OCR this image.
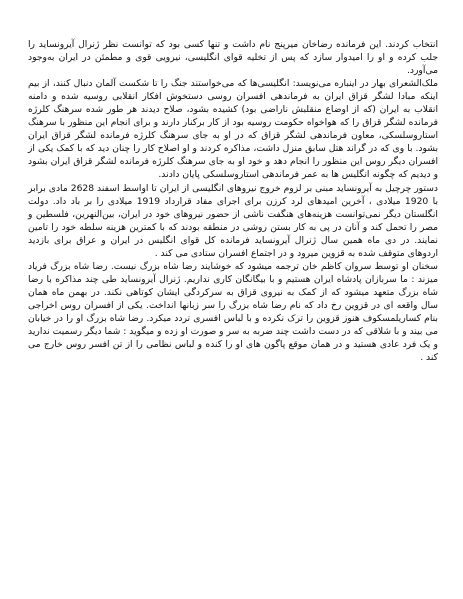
انتخاب کردند. این فرمانده رضاخان میرپنج نام داشت و تنها کسی بود که توانست نظر ژنرال آیرونساید را جلب کرده و او را امیدوار سازد که پس از تخلیه قوای انگلیسی، نیرویی قوی و مطمئن در ایران به‌وجود می‌آورد.

ملک‌الشعرای بهار در اینباره می‌نویسد: انگلیسی‌ها که می‌خواستند جنگ را تا شکست آلمان دنبال کنند، از بیم اینکه مبادا لشگر قزاق ایران به فرماندهی افسران روسی دستخوش افکار انقلابی روسیه شده و دامنه انقلاب به ایران (که از اوضاع منقلبش ناراضی بود) کشیده بشود، صلاح دیدند هر طور شده سرهنگ کلرژه فرمانده لشگر قزاق را که هواخواه حکومت روسیه بود از کار برکنار دارند و برای انجام این منظور با سرهنگ استاروسلسکی، معاون فرماندهی لشگر قزاق که در او به جای سرهنگ کلرژه فرمانده لشگر قزاق ایران بشود. با وی که در گراند هتل سابق منزل داشت، مذاکره کردند و او اصلاح کار را چنان دید که با کمک یکی از افسران دیگر روس این منظور را انجام دهد و خود او به جای سرهنگ کلرژه فرمانده لشگر قزاق ایران بشود و دیدیم که چگونه انگلیس ها به عمر فرماندهی استاروسلسکی پایان دادند.

دستور چرچیل به آیرونساید مبنی بر لزوم خروج نیروهای انگلیسی از ایران تا اواسط اسفند 2628 مادی برابر با 1920 میلادی ، آخرین امیدهای لرد کرزن برای اجرای مفاد قرارداد 1919 میلادی را بر باد داد. دولت انگلستان دیگر نمی‌توانست هزینه‌های هنگفت ناشی از حضور نیروهای خود در ایران، بین‌النهرین، فلسطین و مصر را تحمل کند و آنان در پی به کار بستن روشی در منطقه بودند که با کمترین هزینه سلطه خود را تامین نمایند. در دی ماه همین سال ژنرال آیرونساید فرمانده کل قوای انگلیس در ایران و عراق برای بازدید اردوهای متوقف شده به قزوین میرود و در اجتماع افسران ستادی می کند .

سخنان او توسط سروان کاظم خان ترجمه میشود که خوشایند رضا شاه بزرگ نیست. رضا شاه بزرگ فریاد میزند : ما سربازان پادشاه ایران هستیم و با بیگانگان کاری نداریم. ژنرال آیرونساید طی چند مذاکره با رضا شاه بزرگ متعهد میشود که از کمک به نیروی قزاق به سرکردگی ایشان کوتاهی نکند. در بهمن ماه همان سال واقعه ای در قزوین رخ داد که نام رضا شاه بزرگ را سر زبانها انداخت. یکی از افسران روس اخراجی بنام کساریلمسکوف هنوز قزوین را ترک نکرده و با لباس افسری تردد میکرد. رضا شاه بزرگ او را در خیابان می بیند و با شلاقی که در دست داشت چند ضربه به سر و صورت او زده و میگوید : شما دیگر رسمیت ندارید و یک فرد عادی هستید و در همان موقع پاگون های او را کنده و لباس نظامی را از تن افسر روس خارج می کند .
